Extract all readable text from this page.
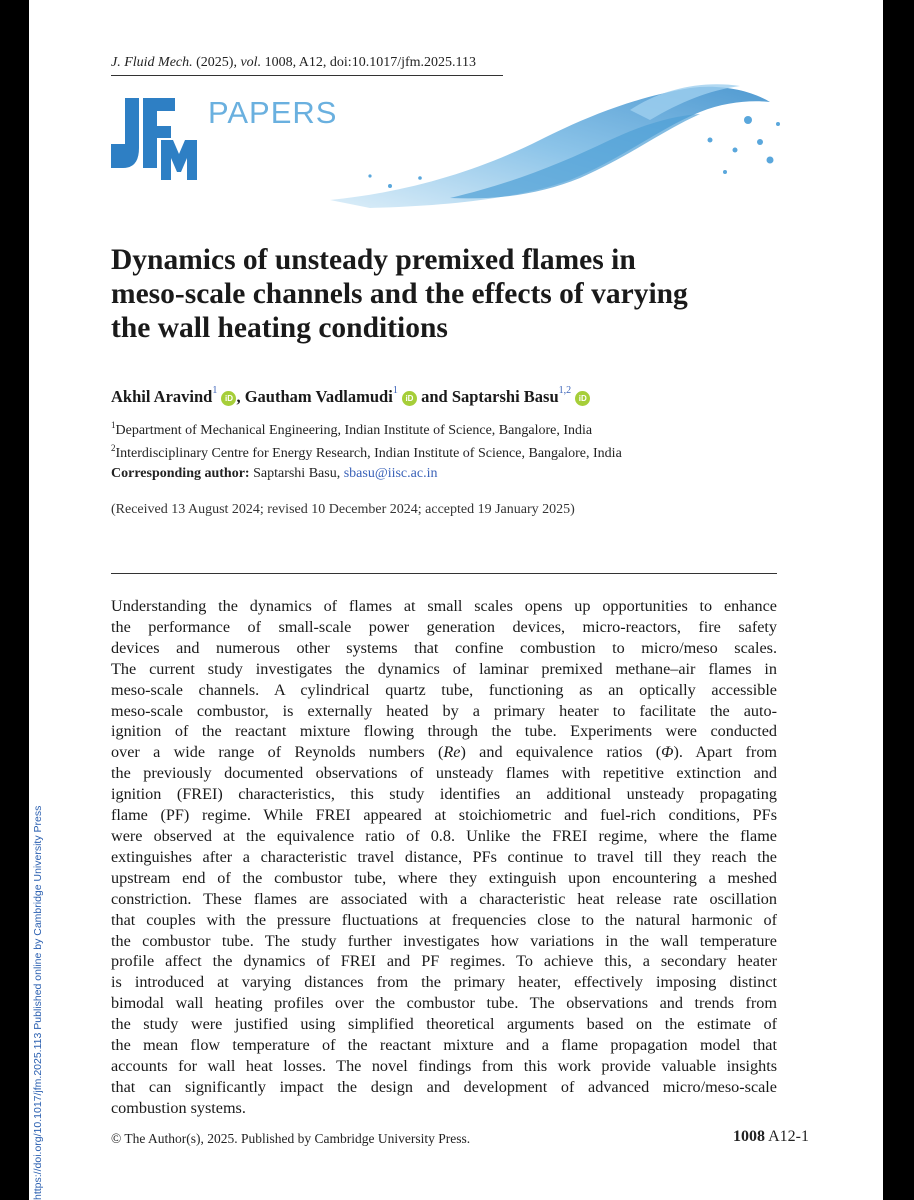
https://doi.org/10.1017/jfm.2025.113 Published online by Cambridge University Press
J. Fluid Mech. (2025), vol. 1008, A12, doi:10.1017/jfm.2025.113
PAPERS
Dynamics of unsteady premixed flames in
meso-scale channels and the effects of varying
the wall heating conditions
Akhil Aravind$^1$ iD , Gautham Vadlamudi$^1$ iD and Saptarshi Basu$^{1,2}$ iD
$^1$Department of Mechanical Engineering, Indian Institute of Science, Bangalore, India
$^2$Interdisciplinary Centre for Energy Research, Indian Institute of Science, Bangalore, India
Corresponding author: Saptarshi Basu, sbasu@iisc.ac.in
(Received 13 August 2024; revised 10 December 2024; accepted 19 January 2025)
Understanding the dynamics of flames at small scales opens up opportunities to enhance
the performance of small-scale power generation devices, micro-reactors, fire safety
devices and numerous other systems that confine combustion to micro/meso scales.
The current study investigates the dynamics of laminar premixed methane–air flames in
meso-scale channels. A cylindrical quartz tube, functioning as an optically accessible
meso-scale combustor, is externally heated by a primary heater to facilitate the auto-
ignition of the reactant mixture flowing through the tube. Experiments were conducted
over a wide range of Reynolds numbers (Re) and equivalence ratios (Φ). Apart from
the previously documented observations of unsteady flames with repetitive extinction and
ignition (FREI) characteristics, this study identifies an additional unsteady propagating
flame (PF) regime. While FREI appeared at stoichiometric and fuel-rich conditions, PFs
were observed at the equivalence ratio of 0.8. Unlike the FREI regime, where the flame
extinguishes after a characteristic travel distance, PFs continue to travel till they reach the
upstream end of the combustor tube, where they extinguish upon encountering a meshed
constriction. These flames are associated with a characteristic heat release rate oscillation
that couples with the pressure fluctuations at frequencies close to the natural harmonic of
the combustor tube. The study further investigates how variations in the wall temperature
profile affect the dynamics of FREI and PF regimes. To achieve this, a secondary heater
is introduced at varying distances from the primary heater, effectively imposing distinct
bimodal wall heating profiles over the combustor tube. The observations and trends from
the study were justified using simplified theoretical arguments based on the estimate of
the mean flow temperature of the reactant mixture and a flame propagation model that
accounts for wall heat losses. The novel findings from this work provide valuable insights
that can significantly impact the design and development of advanced micro/meso-scale
combustion systems.
© The Author(s), 2025. Published by Cambridge University Press.	1008 A12-1
